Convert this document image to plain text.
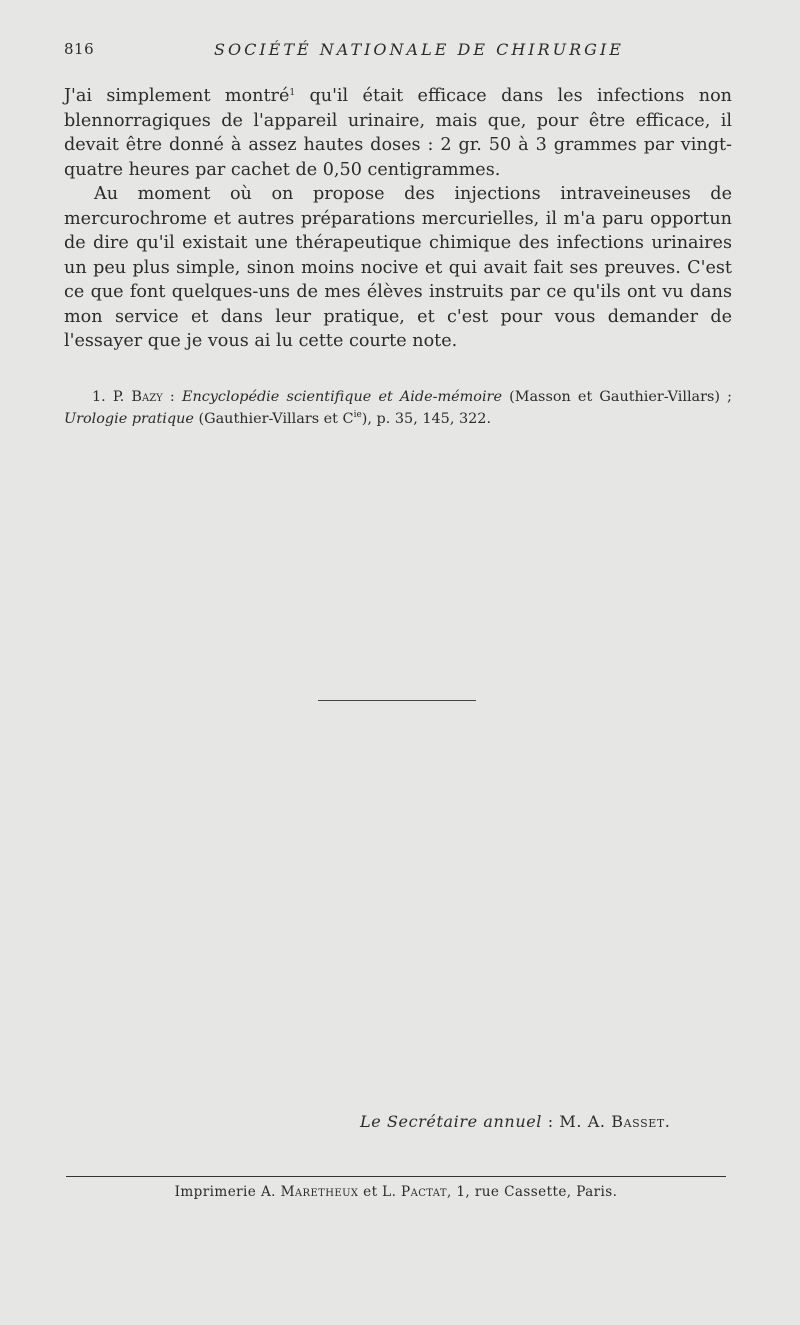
816	SOCIÉTÉ NATIONALE DE CHIRURGIE

J'ai simplement montré$^1$ qu'il était efficace dans les infections non blennorragiques de l'appareil urinaire, mais que, pour être efficace, il devait être donné à assez hautes doses : 2 gr. 50 à 3 grammes par vingt-quatre heures par cachet de 0,50 centigrammes.

Au moment où on propose des injections intraveineuses de mercurochrome et autres préparations mercurielles, il m'a paru opportun de dire qu'il existait une thérapeutique chimique des infections urinaires un peu plus simple, sinon moins nocive et qui avait fait ses preuves. C'est ce que font quelques-uns de mes élèves instruits par ce qu'ils ont vu dans mon service et dans leur pratique, et c'est pour vous demander de l'essayer que je vous ai lu cette courte note.

1. P. Bazy : Encyclopédie scientifique et Aide-mémoire (Masson et Gauthier-Villars) ; Urologie pratique (Gauthier-Villars et $C^{ie}$), p. 35, 145, 322.
Le Secrétaire annuel : M. A. Basset.
Imprimerie A. Maretheux et L. Pactat, 1, rue Cassette, Paris.
